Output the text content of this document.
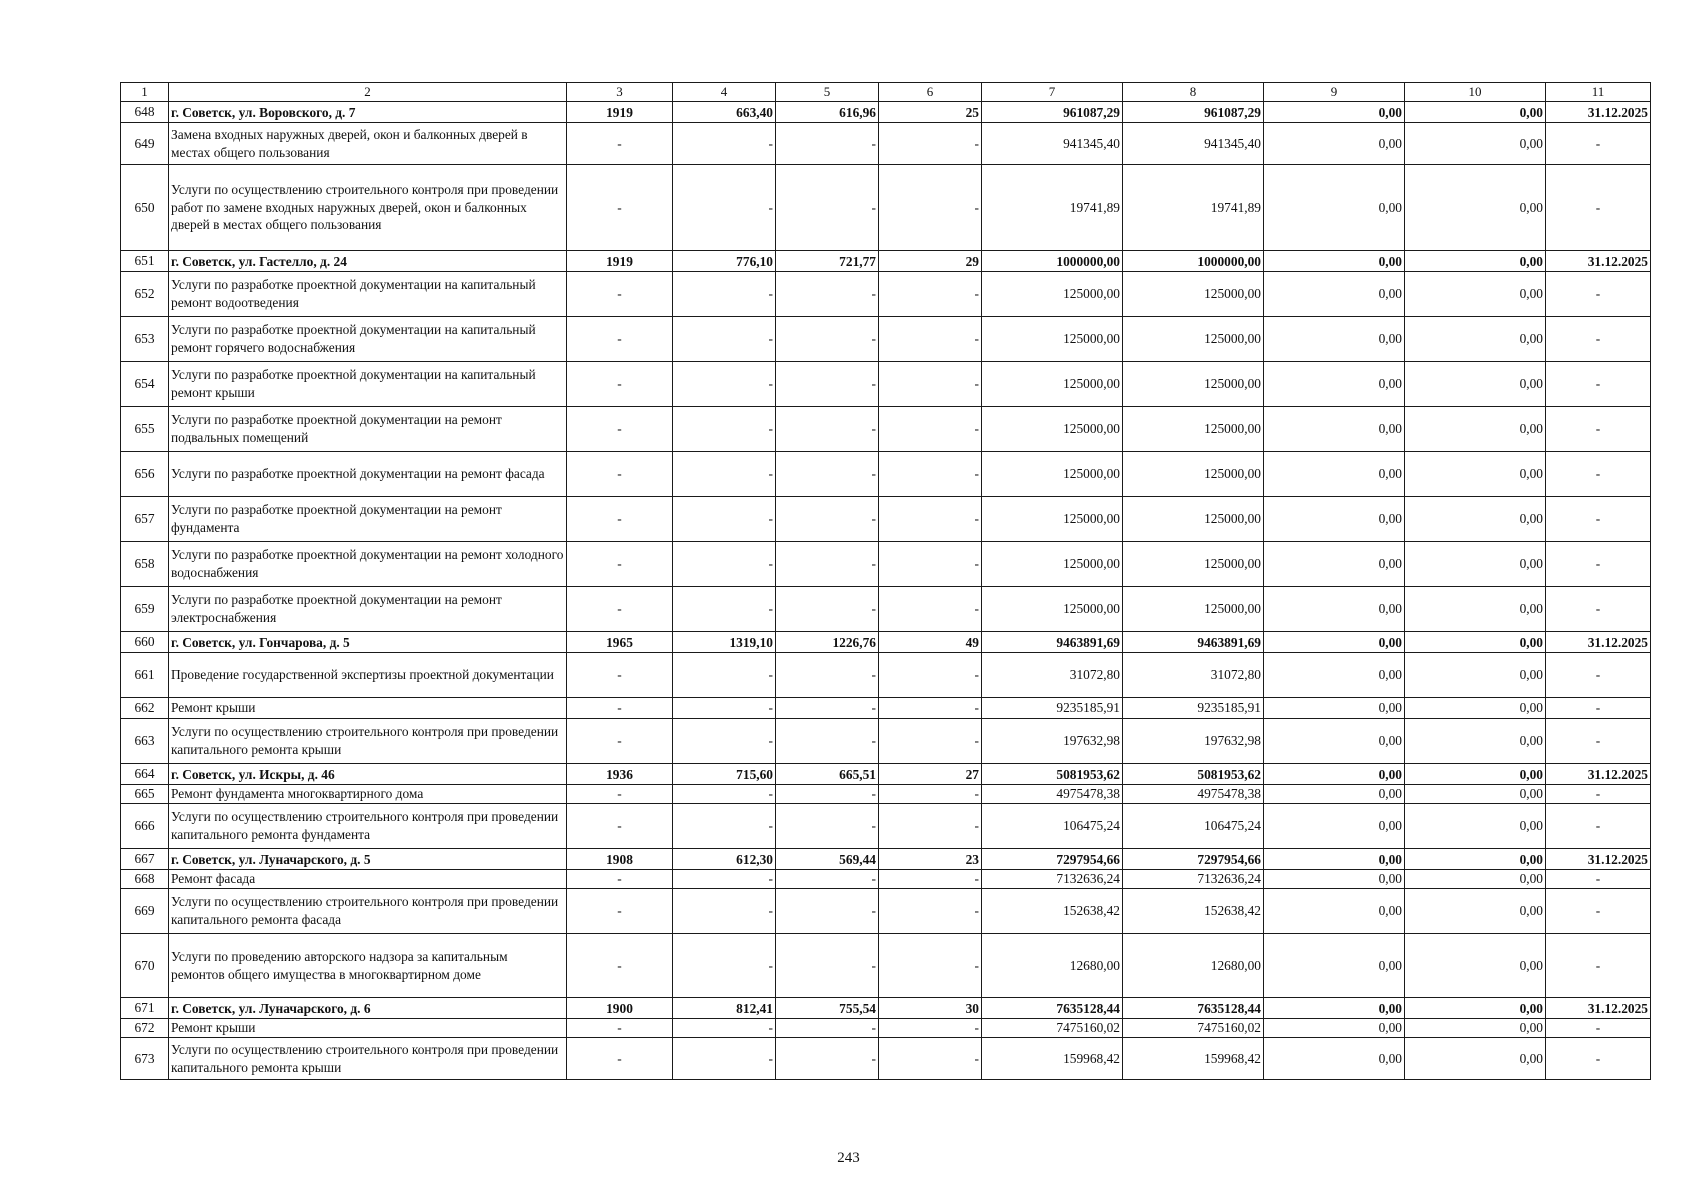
1	2	3	4	5	6	7	8	9	10	11
648	г. Советск, ул. Воровского, д. 7	1919	663,40	616,96	25	961087,29	961087,29	0,00	0,00	31.12.2025
649	Замена входных наружных дверей, окон и балконных дверей в местах общего пользования	-	-	-	-	941345,40	941345,40	0,00	0,00	-
650	Услуги по осуществлению строительного контроля при проведении работ по замене входных наружных дверей, окон и балконных дверей в местах общего пользования	-	-	-	-	19741,89	19741,89	0,00	0,00	-
651	г. Советск, ул. Гастелло, д. 24	1919	776,10	721,77	29	1000000,00	1000000,00	0,00	0,00	31.12.2025
652	Услуги по разработке проектной документации на капитальный ремонт водоотведения	-	-	-	-	125000,00	125000,00	0,00	0,00	-
653	Услуги по разработке проектной документации на капитальный ремонт горячего водоснабжения	-	-	-	-	125000,00	125000,00	0,00	0,00	-
654	Услуги по разработке проектной документации на капитальный ремонт крыши	-	-	-	-	125000,00	125000,00	0,00	0,00	-
655	Услуги по разработке проектной документации на ремонт подвальных помещений	-	-	-	-	125000,00	125000,00	0,00	0,00	-
656	Услуги по разработке проектной документации на ремонт фасада	-	-	-	-	125000,00	125000,00	0,00	0,00	-
657	Услуги по разработке проектной документации на ремонт фундамента	-	-	-	-	125000,00	125000,00	0,00	0,00	-
658	Услуги по разработке проектной документации на ремонт холодного водоснабжения	-	-	-	-	125000,00	125000,00	0,00	0,00	-
659	Услуги по разработке проектной документации на ремонт электроснабжения	-	-	-	-	125000,00	125000,00	0,00	0,00	-
660	г. Советск, ул. Гончарова, д. 5	1965	1319,10	1226,76	49	9463891,69	9463891,69	0,00	0,00	31.12.2025
661	Проведение государственной экспертизы проектной документации	-	-	-	-	31072,80	31072,80	0,00	0,00	-
662	Ремонт крыши	-	-	-	-	9235185,91	9235185,91	0,00	0,00	-
663	Услуги по осуществлению строительного контроля при проведении капитального ремонта крыши	-	-	-	-	197632,98	197632,98	0,00	0,00	-
664	г. Советск, ул. Искры, д. 46	1936	715,60	665,51	27	5081953,62	5081953,62	0,00	0,00	31.12.2025
665	Ремонт фундамента многоквартирного дома	-	-	-	-	4975478,38	4975478,38	0,00	0,00	-
666	Услуги по осуществлению строительного контроля при проведении капитального ремонта фундамента	-	-	-	-	106475,24	106475,24	0,00	0,00	-
667	г. Советск, ул. Луначарского, д. 5	1908	612,30	569,44	23	7297954,66	7297954,66	0,00	0,00	31.12.2025
668	Ремонт фасада	-	-	-	-	7132636,24	7132636,24	0,00	0,00	-
669	Услуги по осуществлению строительного контроля при проведении капитального ремонта фасада	-	-	-	-	152638,42	152638,42	0,00	0,00	-
670	Услуги по проведению авторского надзора за капитальным ремонтов общего имущества в многоквартирном доме	-	-	-	-	12680,00	12680,00	0,00	0,00	-
671	г. Советск, ул. Луначарского, д. 6	1900	812,41	755,54	30	7635128,44	7635128,44	0,00	0,00	31.12.2025
672	Ремонт крыши	-	-	-	-	7475160,02	7475160,02	0,00	0,00	-
673	Услуги по осуществлению строительного контроля при проведении капитального ремонта крыши	-	-	-	-	159968,42	159968,42	0,00	0,00	-
243
